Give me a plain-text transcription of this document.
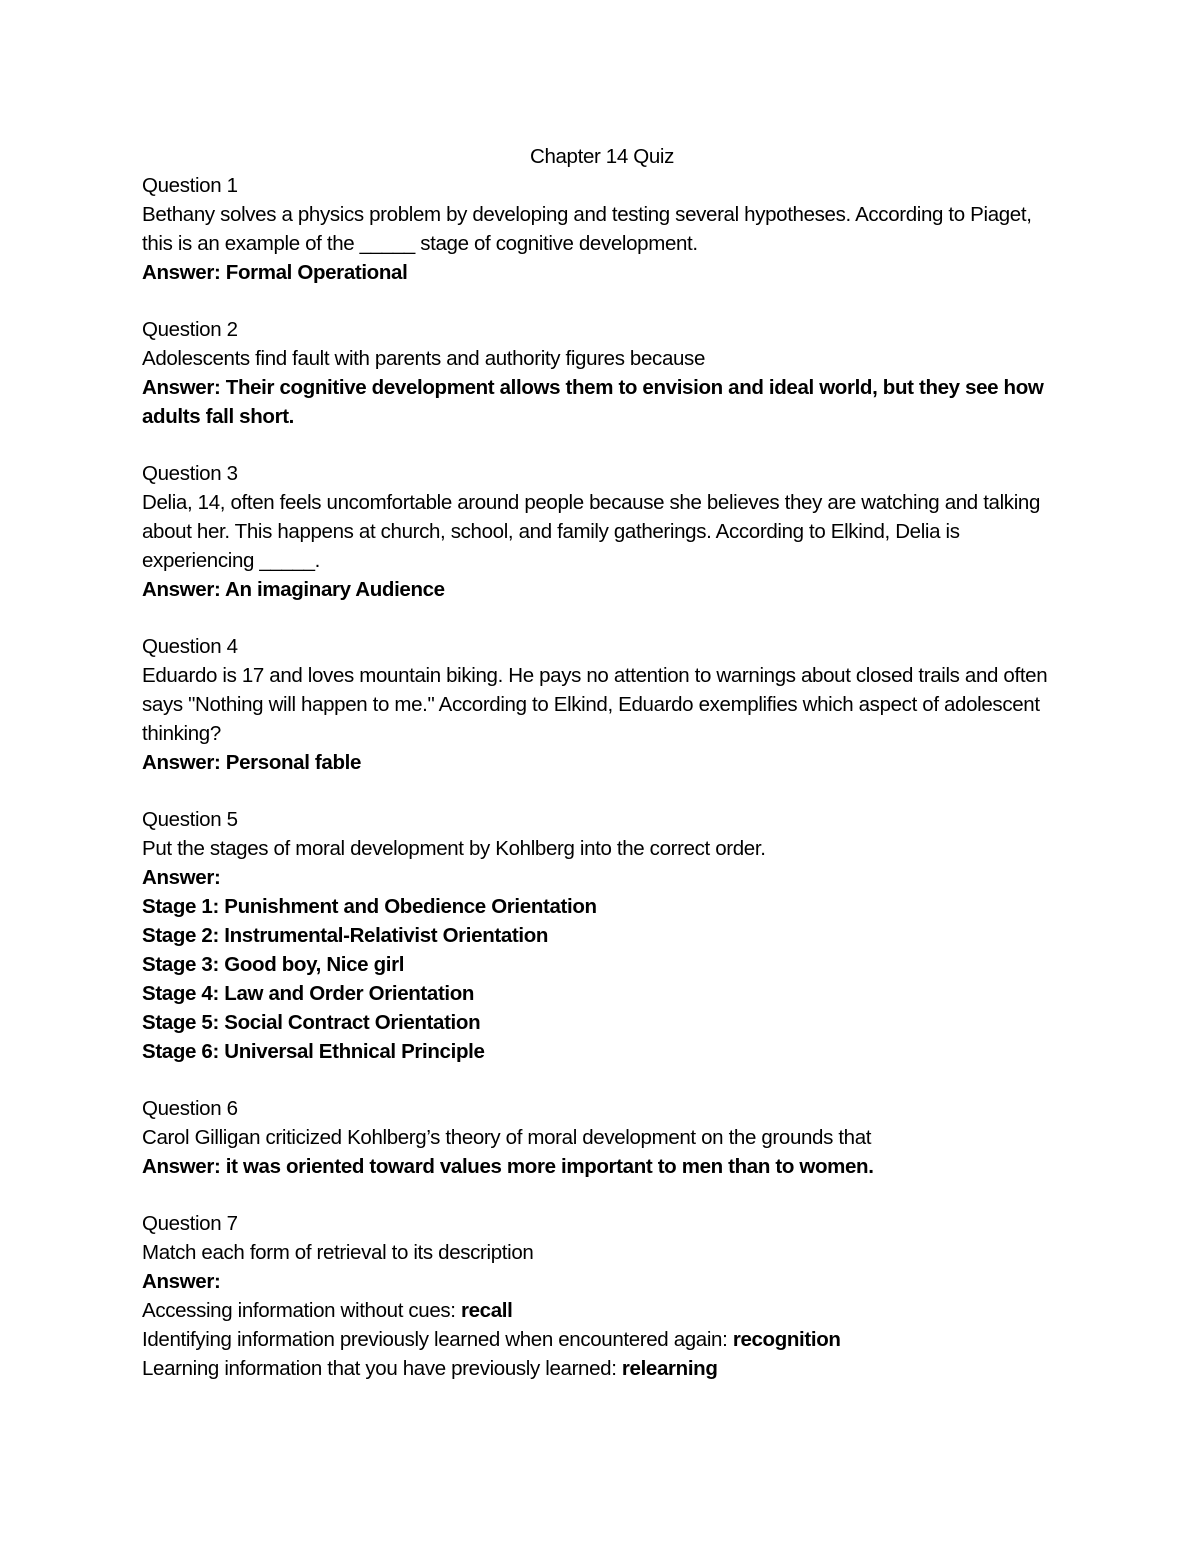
Chapter 14 Quiz

Question 1

Bethany solves a physics problem by developing and testing several hypotheses. According to Piaget, this is an example of the _____ stage of cognitive development.

Answer: Formal Operational

Question 2

Adolescents find fault with parents and authority figures because

Answer: Their cognitive development allows them to envision and ideal world, but they see how adults fall short.

Question 3

Delia, 14, often feels uncomfortable around people because she believes they are watching and talking about her. This happens at church, school, and family gatherings. According to Elkind, Delia is experiencing _____.

Answer: An imaginary Audience

Question 4

Eduardo is 17 and loves mountain biking. He pays no attention to warnings about closed trails and often says "Nothing will happen to me." According to Elkind, Eduardo exemplifies which aspect of adolescent thinking?

Answer: Personal fable

Question 5

Put the stages of moral development by Kohlberg into the correct order.

Answer:

Stage 1: Punishment and Obedience Orientation

Stage 2: Instrumental-Relativist Orientation

Stage 3: Good boy, Nice girl

Stage 4: Law and Order Orientation

Stage 5: Social Contract Orientation

Stage 6: Universal Ethnical Principle

Question 6

Carol Gilligan criticized Kohlberg’s theory of moral development on the grounds that

Answer: it was oriented toward values more important to men than to women.

Question 7

Match each form of retrieval to its description

Answer:

Accessing information without cues: recall

Identifying information previously learned when encountered again: recognition

Learning information that you have previously learned: relearning
